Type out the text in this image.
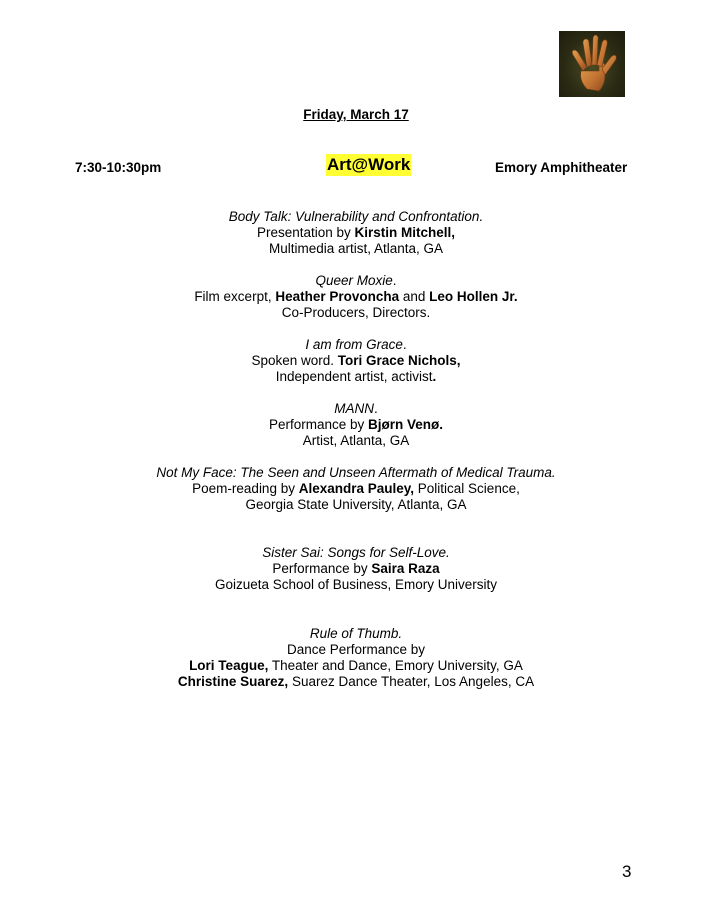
Friday, March 17
7:30-10:30pm	Art@Work	Emory Amphitheater
Body Talk: Vulnerability and Confrontation.
Presentation by Kirstin Mitchell,
Multimedia artist, Atlanta, GA
Queer Moxie.
Film excerpt, Heather Provoncha and Leo Hollen Jr.
Co-Producers, Directors.
I am from Grace.
Spoken word. Tori Grace Nichols,
Independent artist, activist.
MANN.
Performance by Bjørn Venø.
Artist, Atlanta, GA
Not My Face: The Seen and Unseen Aftermath of Medical Trauma.
Poem-reading by Alexandra Pauley, Political Science,
Georgia State University, Atlanta, GA
Sister Sai: Songs for Self-Love.
Performance by Saira Raza
Goizueta School of Business, Emory University
Rule of Thumb.
Dance Performance by
Lori Teague, Theater and Dance, Emory University, GA
Christine Suarez, Suarez Dance Theater, Los Angeles, CA
3
